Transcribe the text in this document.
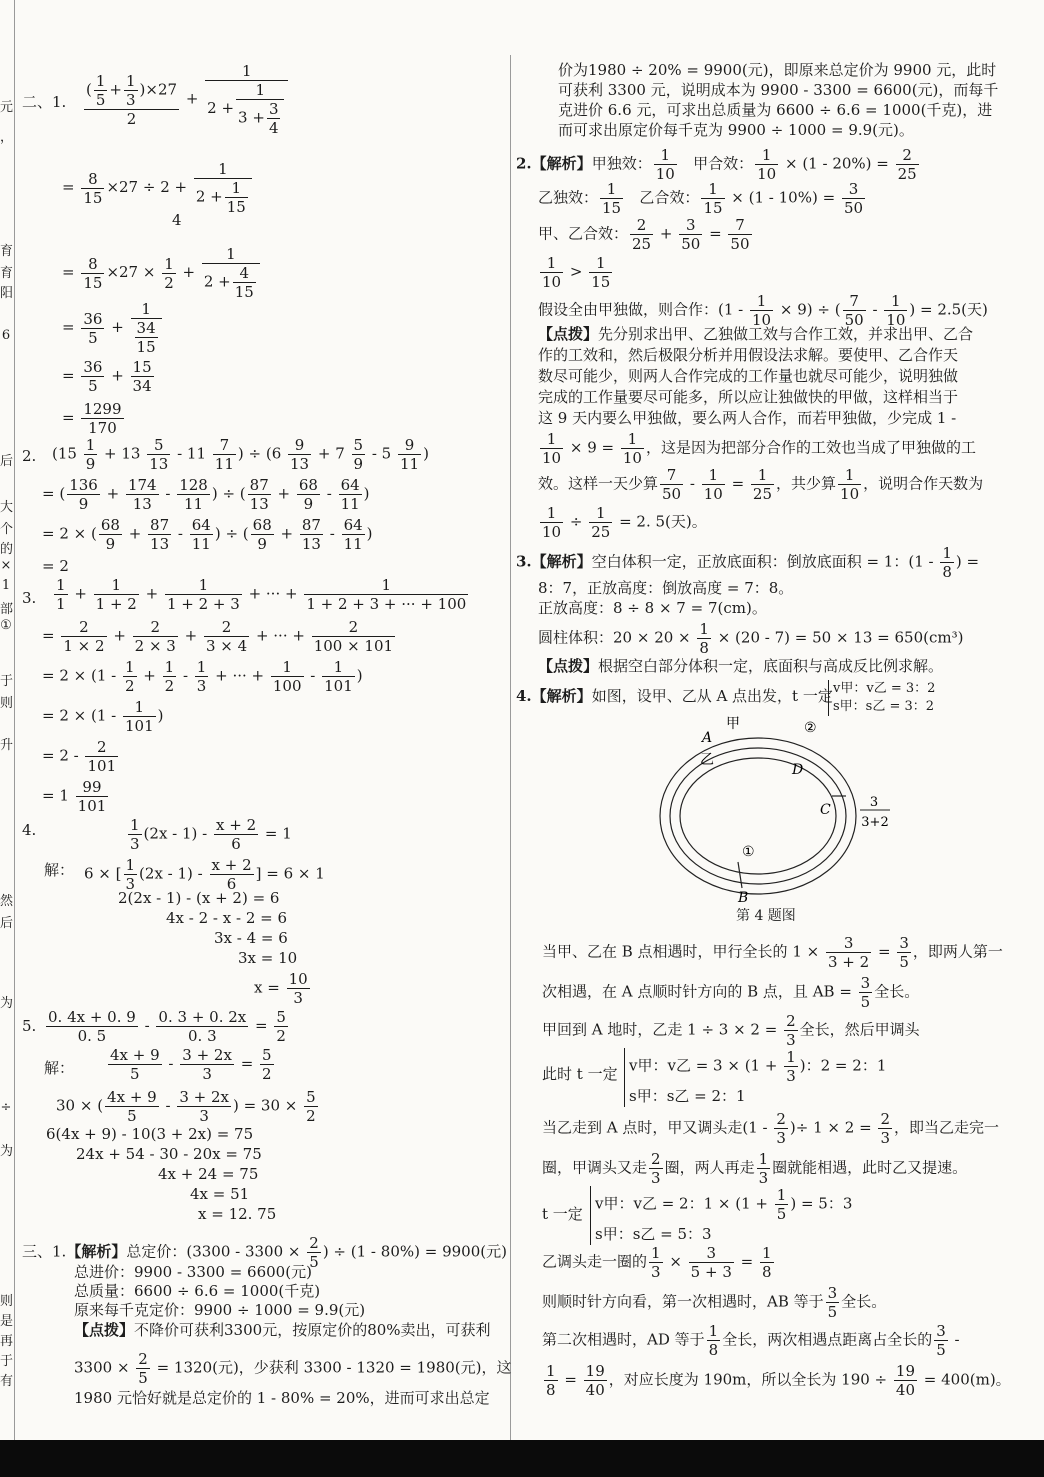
元
，
育
育
阳
6
后
大
个
的
×
1
部
①
于
则
升
然
后
为
÷
为
则
是
再
于
有
二、1. $\frac{( \frac{1}{5} + \frac{1}{3} )\times 27}{2} + \frac{1}{2 + \frac{1}{3 + \frac{3}{4}}}$
= $\frac{8}{15} \times 27 \div 2 + \frac{1}{2 + \frac{1}{15}}$
4
= $\frac{8}{15} \times 27 \times \frac{1}{2} + \frac{1}{2 + \frac{4}{15}}$
= $\frac{36}{5} + 1$
34
15
= $\frac{36}{5} + \frac{15}{34}$
= $\frac{1299}{170}$
2. ($15 \frac{1}{9} + 13 \frac{5}{13} - 11 \frac{7}{11}$ ) ÷ ($6 \frac{9}{13} + 7 \frac{5}{9} - 5 \frac{9}{11}$ )
= ( $\frac{136}{9} + \frac{174}{13} - \frac{128}{11}$ ) ÷ ( $\frac{87}{13} + \frac{68}{9} - \frac{64}{11}$ )
= 2 × ( $\frac{68}{9} + \frac{87}{13} - \frac{64}{11}$ ) ÷ ( $\frac{68}{9} + \frac{87}{13} - \frac{64}{11}$ )
= 2
3. $\frac{1}{1} + \frac{1}{1 + 2} + \frac{1}{1 + 2 + 3}$ + ··· + $\frac{1}{1 + 2 + 3 + \cdot\cdot\cdot + 100}$
= $\frac{2}{1 \times 2} + \frac{2}{2 \times 3} + \frac{2}{3 \times 4}$ + ··· + $\frac{2}{100 \times 101}$
= $2 \times (1 - \frac{1}{2} + \frac{1}{2} - \frac{1}{3}$ + ··· + $\frac{1}{100} - \frac{1}{101}$ )
= $2 \times (1 - \frac{1}{101}$ )
= $2 - \frac{2}{101}$
= $1 \frac{99}{101}$
4.	$\frac{1}{3} (2x - 1) - \frac{x + 2}{6} = 1$
解： 6 × [ $\frac{1}{3} (2x - 1) - \frac{x + 2}{6}$ ] = 6 × 1
2(2x - 1) - (x + 2) = 6
4x - 2 - x - 2 = 6
3x - 4 = 6
3x = 10
$x = \frac{10}{3}$
5. $\frac{0. 4x + 0. 9}{0. 5} - \frac{0. 3 + 0. 2x}{0. 3} = \frac{5}{2}$
解： $\frac{4x + 9}{5} - \frac{3 + 2x}{3} = \frac{5}{2}$
30 × ( $\frac{4x + 9}{5} - \frac{3 + 2x}{3}$ ) = $30 \times \frac{5}{2}$
6(4x + 9) - 10(3 + 2x) = 75
24x + 54 - 30 - 20x = 75
4x + 24 = 75
4x = 51
x = 12. 75
三、1.【解析】总定价：($3300 - 3300 \times \frac{2}{5}$ ) ÷ (1 - 80%) = 9900(元)
总进价：9900 - 3300 = 6600(元)
总质量：6600 ÷ 6.6 = 1000(千克)
原来每千克定价：9900 ÷ 1000 = 9.9(元)
【点拨】不降价可获利3300元，按原定价的80%卖出，可获利
$3300 \times \frac{2}{5} = 1320$(元)，少获利 3300 - 1320 = 1980(元)，这
1980 元恰好就是总定价的 1 - 80% = 20%，进而可求出总定
价为1980 ÷ 20% = 9900(元)，即原来总定价为 9900 元，此时
可获利 3300 元，说明成本为 9900 - 3300 = 6600(元)，而每千
克进价 6.6 元，可求出总质量为 6600 ÷ 6.6 = 1000(千克)，进
而可求出原定价每千克为 9900 ÷ 1000 = 9.9(元)。
2.【解析】甲独效： $\frac{1}{10}$ 甲合效： $\frac{1}{10} \times (1 - 20\%) = \frac{2}{25}$
乙独效： $\frac{1}{15}$ 乙合效： $\frac{1}{15} \times (1 - 10\%) = \frac{3}{50}$
甲、乙合效： $\frac{2}{25} + \frac{3}{50} = \frac{7}{50}$
$\frac{1}{10} > \frac{1}{15}$
假设全由甲独做，则合作：$(1 - \frac{1}{10} \times 9)$ ÷ ( $\frac{7}{50} - \frac{1}{10}$ ) = 2.5(天)
【点拨】先分别求出甲、乙独做工效与合作工效，并求出甲、乙合
作的工效和，然后极限分析并用假设法求解。要使甲、乙合作天
数尽可能少，则两人合作完成的工作量也就尽可能少，说明独做
完成的工作量要尽可能多，所以应让独做快的甲做，这样相当于
这 9 天内要么甲独做，要么两人合作，而若甲独做，少完成 1 -
$\frac{1}{10} \times 9 = \frac{1}{10}$ ，这是因为把部分合作的工效也当成了甲独做的工
效。这样一天少算 $\frac{7}{50} - \frac{1}{10} = \frac{1}{25}$ ，共少算 $\frac{1}{10}$ ，说明合作天数为
$\frac{1}{10} \div \frac{1}{25} = 2$. 5(天)。
3.【解析】空白体积一定，正放底面积：倒放底面积 = 1：($1 - \frac{1}{8}$ ) =
8：7，正放高度：倒放高度 = 7：8。
正放高度：8 ÷ 8 × 7 = 7(cm)。
圆柱体积：$20 \times 20 \times \frac{1}{8} \times (20 - 7) = 50 \times 13 = 650(cm^3)$
【点拨】根据空白部分体积一定，底面积与高成反比例求解。
4.【解析】如图，设甲、乙从 A 点出发，t 一定 v甲：v乙 = 3：2
s甲：s乙 = 3：2
甲	②
A
乙
D
C
①
B
3
3+2
第 4 题图
当甲、乙在 B 点相遇时，甲行全长的 $1 \times \frac{3}{3 + 2} = \frac{3}{5}$ ，即两人第一
次相遇，在 A 点顺时针方向的 B 点，且 AB = $\frac{3}{5}$ 全长。
甲回到 A 地时，乙走 $1 \div 3 \times 2 = \frac{2}{3}$ 全长，然后甲调头
此时 t 一定 v甲：v乙 = $3 \times (1 + \frac{1}{3}$ )：2 = 2：1
s甲：s乙 = 2：1
当乙走到 A 点时，甲又调头走($1 - \frac{2}{3}$ )÷ $1 \times 2 = \frac{2}{3}$ ，即当乙走完一
圈，甲调头又走 $\frac{2}{3}$ 圈，两人再走 $\frac{1}{3}$ 圈就能相遇，此时乙又提速。
t 一定
v甲：v乙 = 2：$1 \times (1 + \frac{1}{5}$ ) = 5：3
s甲：s乙 = 5：3
乙调头走一圈的 $\frac{1}{3} \times \frac{3}{5 + 3} = \frac{1}{8}$
则顺时针方向看，第一次相遇时，AB 等于 $\frac{3}{5}$ 全长。
第二次相遇时，AD 等于 $\frac{1}{8}$ 全长，两次相遇点距离占全长的 $\frac{3}{5}$ -
$\frac{1}{8} = \frac{19}{40}$ ，对应长度为 190m，所以全长为 $190 \div \frac{19}{40} = 400(m)$。
